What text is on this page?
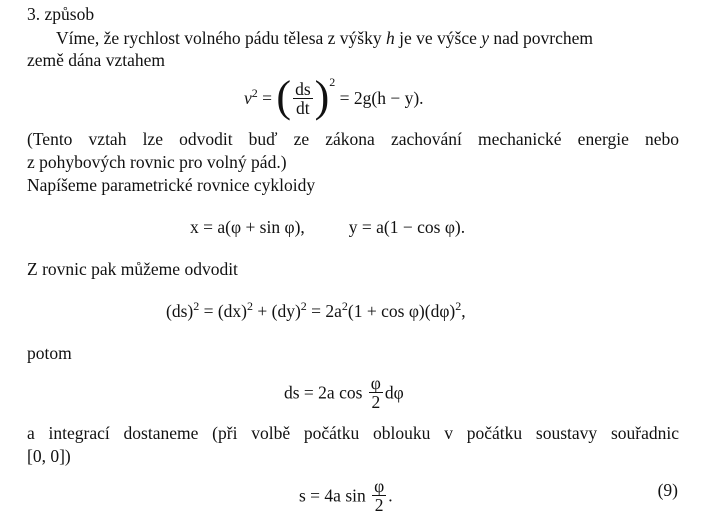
3. způsob
Víme, že rychlost volného pádu tělesa z výšky h je ve výšce y nad povrchem
země dána vztahem
$v^2$ = ( $\frac{ds}{dt} )^2 = 2g(h - y)$.
(Tento vztah lze odvodit buď ze zákona zachování mechanické energie nebo
z pohybových rovnic pro volný pád.)
Napíšeme parametrické rovnice cykloidy
x = a(φ + sin φ),	y = a(1 − cos φ).
Z rovnic pak můžeme odvodit
$(ds)^2 = (dx)^2 + (dy)^2 = 2a^2(1 + \cos \varphi)(d\varphi)^2$,
potom
ds = 2a $\cos \frac{\varphi}{2}$ dφ
a integrací dostaneme (při volbě počátku oblouku v počátku soustavy souřadnic
[0, 0])
s = 4a $\sin \frac{\varphi}{2}$ .	(9)
